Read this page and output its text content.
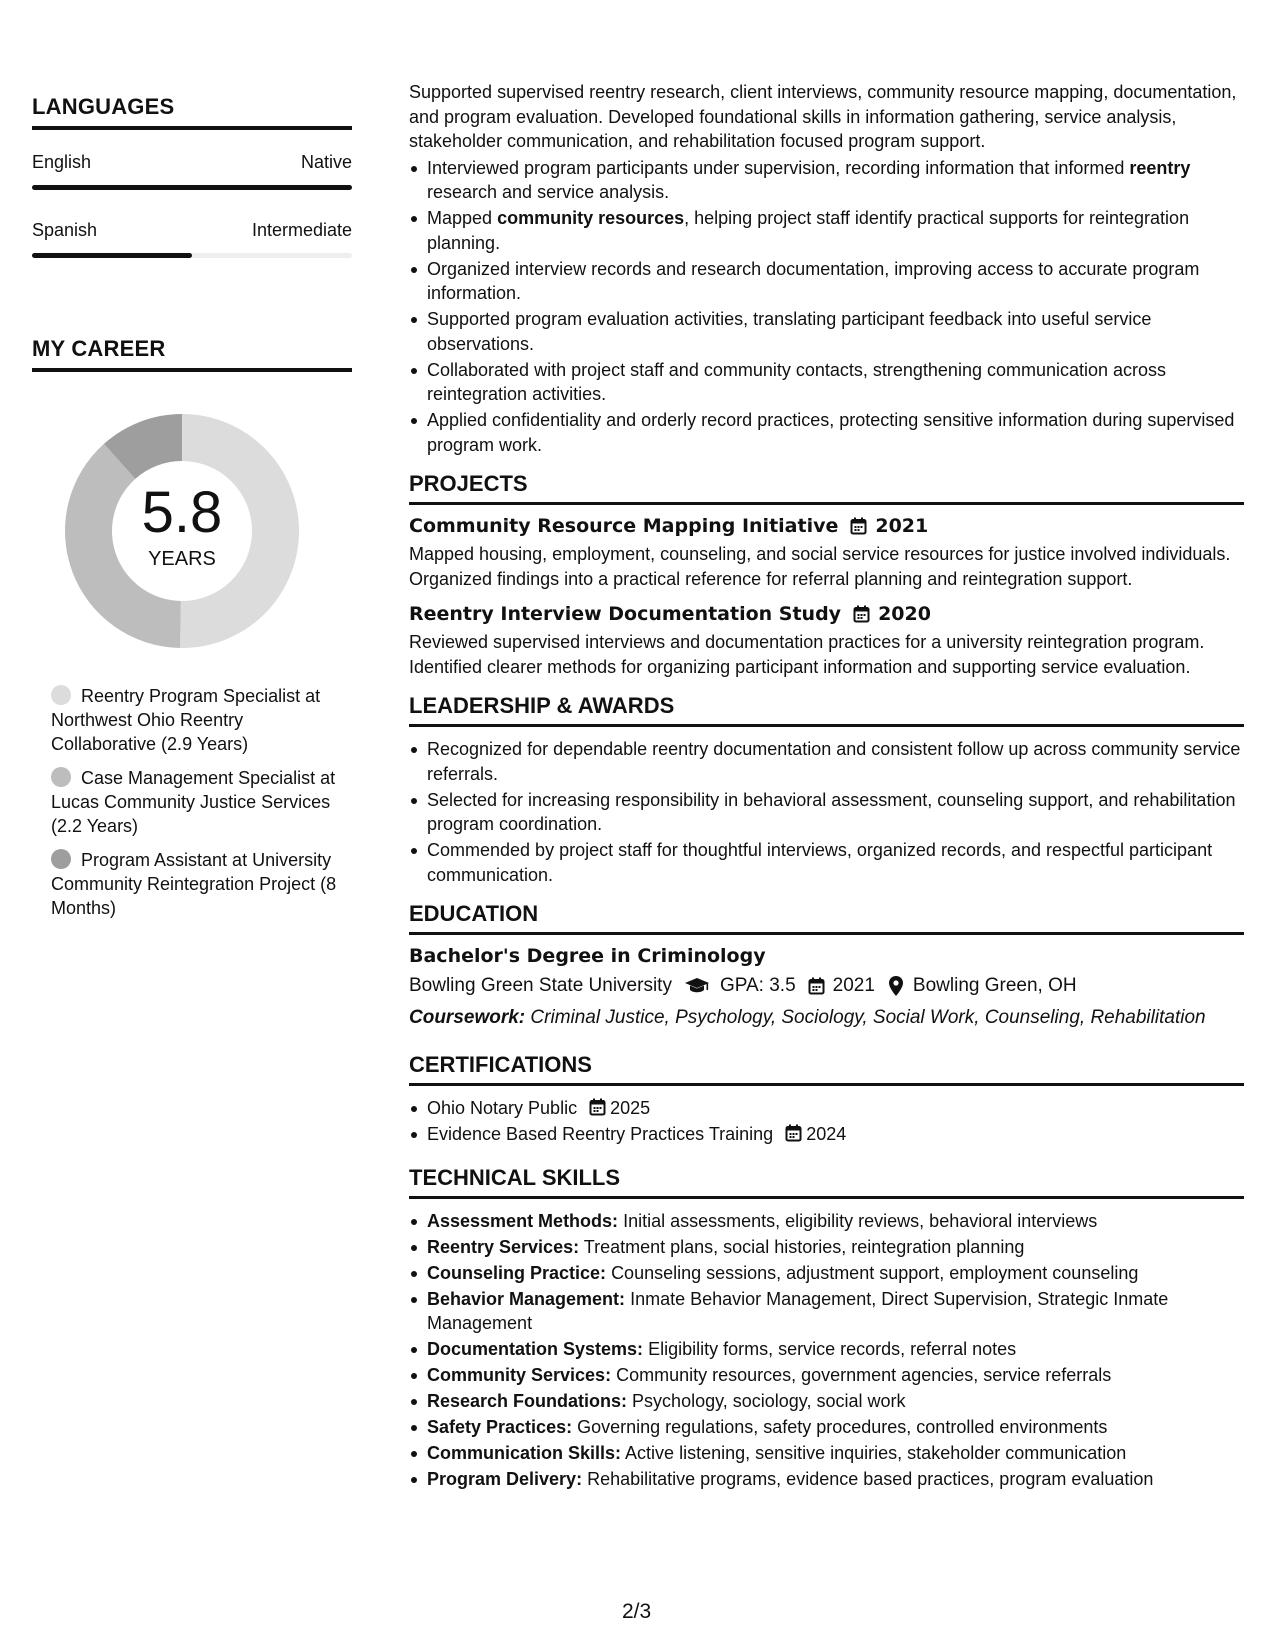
LANGUAGES
English	Native
Spanish	Intermediate
MY CAREER
5.8
YEARS
Reentry Program Specialist at Northwest Ohio Reentry Collaborative (2.9 Years)
Case Management Specialist at Lucas Community Justice Services (2.2 Years)
Program Assistant at University Community Reintegration Project (8 Months)
Supported supervised reentry research, client interviews, community resource mapping, documentation, and program evaluation. Developed foundational skills in information gathering, service analysis, stakeholder communication, and rehabilitation focused program support.
Interviewed program participants under supervision, recording information that informed reentry research and service analysis.
Mapped community resources, helping project staff identify practical supports for reintegration planning.
Organized interview records and research documentation, improving access to accurate program information.
Supported program evaluation activities, translating participant feedback into useful service observations.
Collaborated with project staff and community contacts, strengthening communication across reintegration activities.
Applied confidentiality and orderly record practices, protecting sensitive information during supervised program work.
PROJECTS
Community Resource Mapping Initiative 2021
Mapped housing, employment, counseling, and social service resources for justice involved individuals. Organized findings into a practical reference for referral planning and reintegration support.
Reentry Interview Documentation Study 2020
Reviewed supervised interviews and documentation practices for a university reintegration program. Identified clearer methods for organizing participant information and supporting service evaluation.
LEADERSHIP & AWARDS
Recognized for dependable reentry documentation and consistent follow up across community service referrals.
Selected for increasing responsibility in behavioral assessment, counseling support, and rehabilitation program coordination.
Commended by project staff for thoughtful interviews, organized records, and respectful participant communication.
EDUCATION
Bachelor's Degree in Criminology
Bowling Green State University	GPA: 3.5 2021 Bowling Green, OH
Coursework: Criminal Justice, Psychology, Sociology, Social Work, Counseling, Rehabilitation
CERTIFICATIONS
Ohio Notary Public 2025
Evidence Based Reentry Practices Training 2024
TECHNICAL SKILLS
Assessment Methods: Initial assessments, eligibility reviews, behavioral interviews
Reentry Services: Treatment plans, social histories, reintegration planning
Counseling Practice: Counseling sessions, adjustment support, employment counseling
Behavior Management: Inmate Behavior Management, Direct Supervision, Strategic Inmate Management
Documentation Systems: Eligibility forms, service records, referral notes
Community Services: Community resources, government agencies, service referrals
Research Foundations: Psychology, sociology, social work
Safety Practices: Governing regulations, safety procedures, controlled environments
Communication Skills: Active listening, sensitive inquiries, stakeholder communication
Program Delivery: Rehabilitative programs, evidence based practices, program evaluation
2/3
